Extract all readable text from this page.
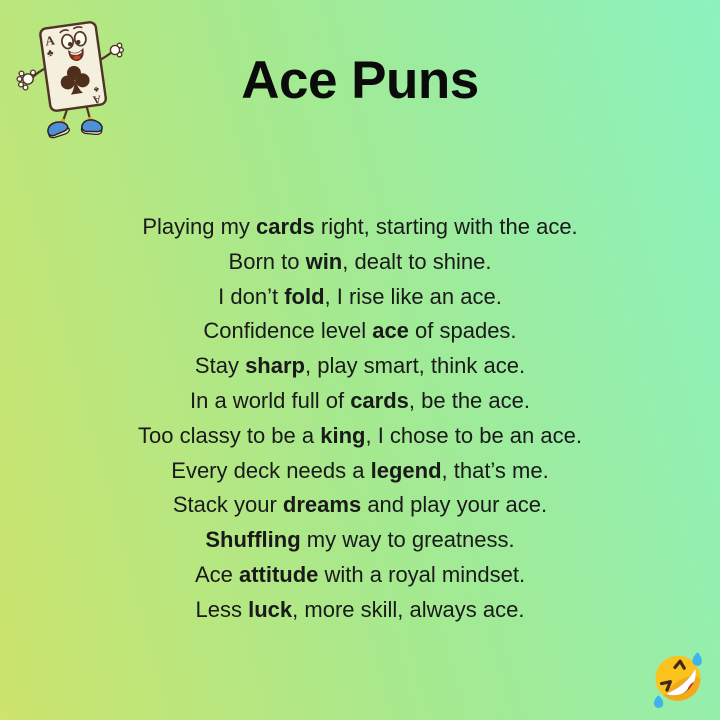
A
♣
A
♣	Ace Puns
Playing my cards right, starting with the ace.
Born to win, dealt to shine.
I don’t fold, I rise like an ace.
Confidence level ace of spades.
Stay sharp, play smart, think ace.
In a world full of cards, be the ace.
Too classy to be a king, I chose to be an ace.
Every deck needs a legend, that’s me.
Stack your dreams and play your ace.
Shuffling my way to greatness.
Ace attitude with a royal mindset.
Less luck, more skill, always ace.
